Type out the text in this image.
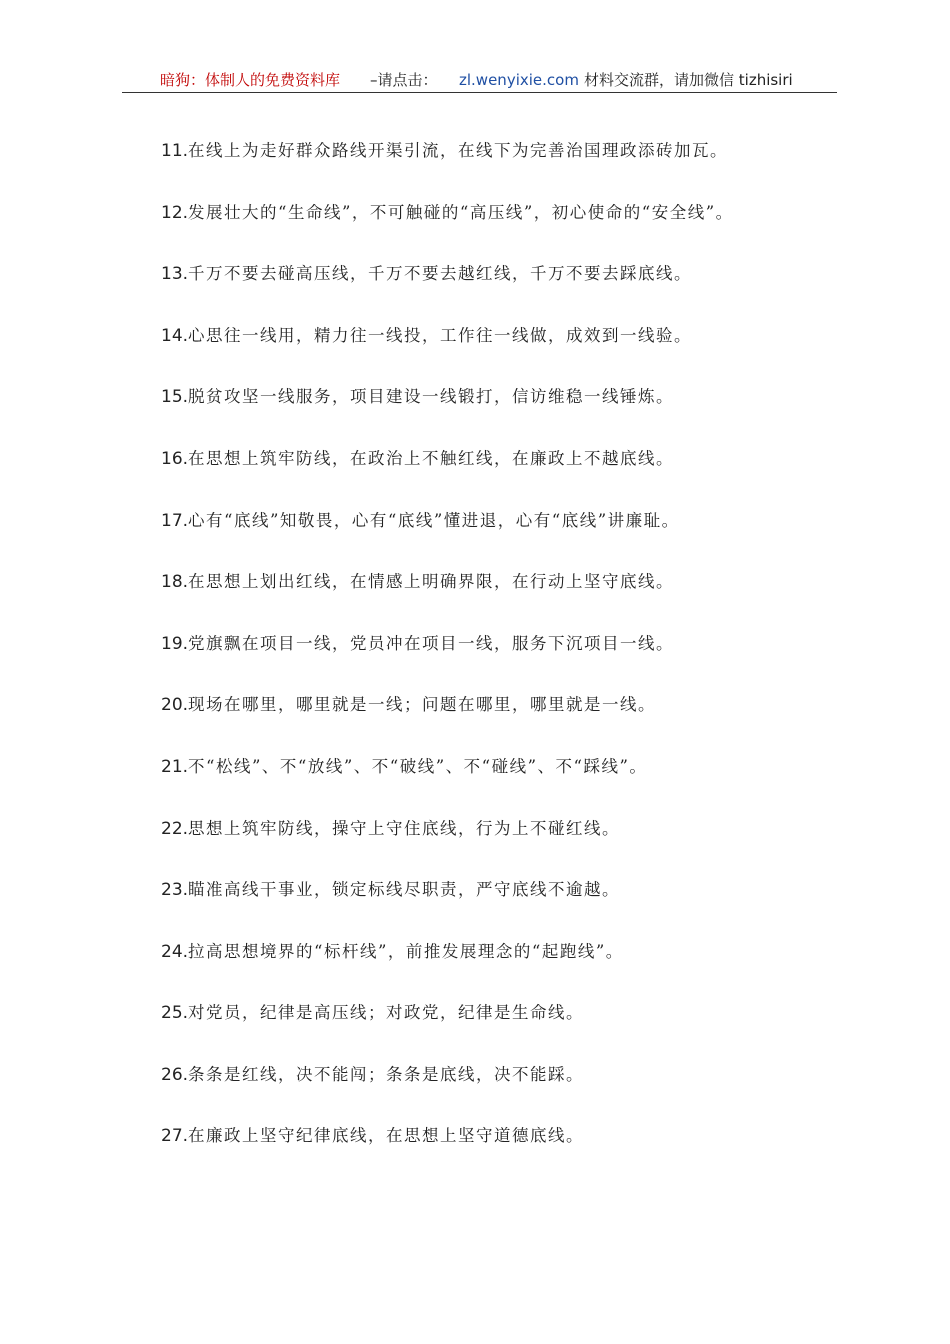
暗狗：体制人的免费资料库 –请点击： zl.wenyixie.com 材料交流群，请加微信 tizhisiri
11.在线上为走好群众路线开渠引流，在线下为完善治国理政添砖加瓦。
12.发展壮大的“生命线”，不可触碰的“高压线”，初心使命的“安全线”。
13.千万不要去碰高压线，千万不要去越红线，千万不要去踩底线。
14.心思往一线用，精力往一线投，工作往一线做，成效到一线验。
15.脱贫攻坚一线服务，项目建设一线锻打，信访维稳一线锤炼。
16.在思想上筑牢防线，在政治上不触红线，在廉政上不越底线。
17.心有“底线”知敬畏，心有“底线”懂进退，心有“底线”讲廉耻。
18.在思想上划出红线，在情感上明确界限，在行动上坚守底线。
19.党旗飘在项目一线，党员冲在项目一线，服务下沉项目一线。
20.现场在哪里，哪里就是一线；问题在哪里，哪里就是一线。
21.不“松线”、不“放线”、不“破线”、不“碰线”、不“踩线”。
22.思想上筑牢防线，操守上守住底线，行为上不碰红线。
23.瞄准高线干事业，锁定标线尽职责，严守底线不逾越。
24.拉高思想境界的“标杆线”，前推发展理念的“起跑线”。
25.对党员，纪律是高压线；对政党，纪律是生命线。
26.条条是红线，决不能闯；条条是底线，决不能踩。
27.在廉政上坚守纪律底线，在思想上坚守道德底线。
